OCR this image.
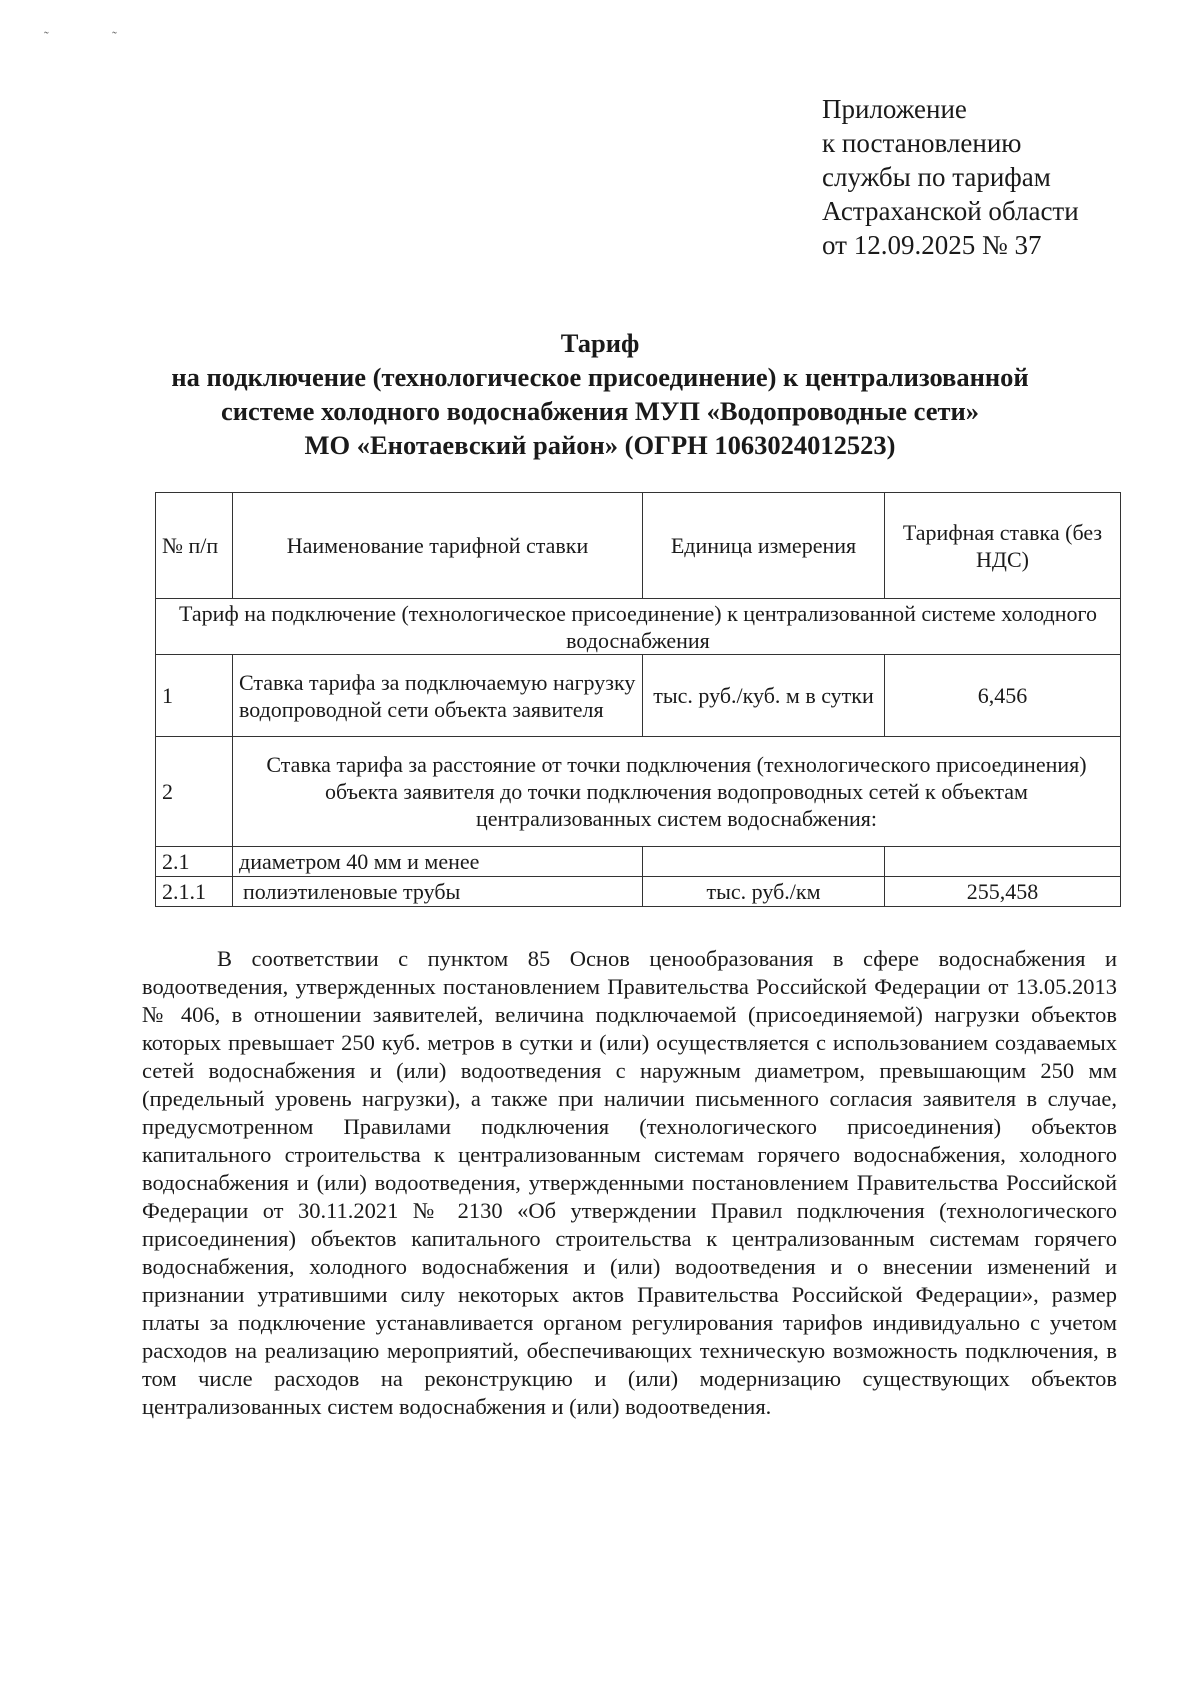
˜ ˜
Приложение
к постановлению
службы по тарифам
Астраханской области
от 12.09.2025 № 37
Тариф
на подключение (технологическое присоединение) к централизованной
системе холодного водоснабжения МУП «Водопроводные сети»
МО «Енотаевский район» (ОГРН 1063024012523)
№ п/п	Наименование тарифной ставки	Единица измерения	Тарифная ставка (без НДС)
Тариф на подключение (технологическое присоединение) к централизованной системе холодного водоснабжения			
1	Ставка тарифа за подключаемую нагрузку водопроводной сети объекта заявителя	тыс. руб./куб. м в сутки	6,456
2	Ставка тарифа за расстояние от точки подключения (технологического присоединения) объекта заявителя до точки подключения водопроводных сетей к объектам централизованных систем водоснабжения:		
2.1	диаметром 40 мм и менее		
2.1.1	полиэтиленовые трубы	тыс. руб./км	255,458
В соответствии с пунктом 85 Основ ценообразования в сфере водоснабжения и водоотведения, утвержденных постановлением Правительства Российской Федерации от 13.05.2013 № 406, в отношении заявителей, величина подключаемой (присоединяемой) нагрузки объектов которых превышает 250 куб. метров в сутки и (или) осуществляется с использованием создаваемых сетей водоснабжения и (или) водоотведения с наружным диаметром, превышающим 250 мм (предельный уровень нагрузки), а также при наличии письменного согласия заявителя в случае, предусмотренном Правилами подключения (технологического присоединения) объектов капитального строительства к централизованным системам горячего водоснабжения, холодного водоснабжения и (или) водоотведения, утвержденными постановлением Правительства Российской Федерации от 30.11.2021 № 2130 «Об утверждении Правил подключения (технологического присоединения) объектов капитального строительства к централизованным системам горячего водоснабжения, холодного водоснабжения и (или) водоотведения и о внесении изменений и признании утратившими силу некоторых актов Правительства Российской Федерации», размер платы за подключение устанавливается органом регулирования тарифов индивидуально с учетом расходов на реализацию мероприятий, обеспечивающих техническую возможность подключения, в том числе расходов на реконструкцию и (или) модернизацию существующих объектов централизованных систем водоснабжения и (или) водоотведения.
